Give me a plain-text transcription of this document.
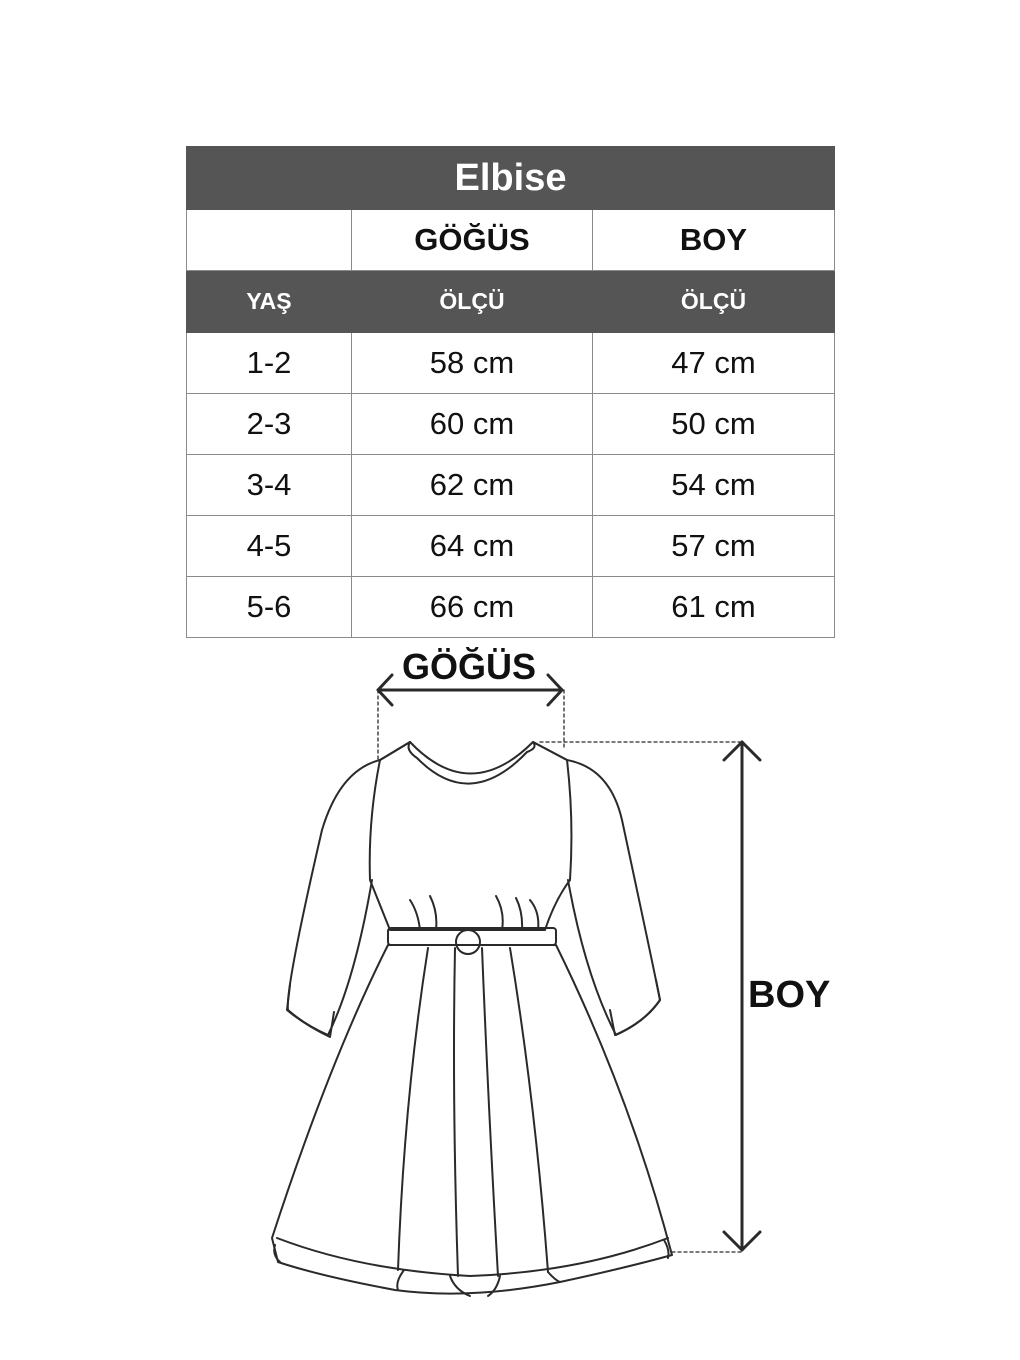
Elbise		
	GÖĞÜS	BOY
YAŞ	ÖLÇÜ	ÖLÇÜ
1-2	58 cm	47 cm
2-3	60 cm	50 cm
3-4	62 cm	54 cm
4-5	64 cm	57 cm
5-6	66 cm	61 cm
GÖĞÜS
BOY
